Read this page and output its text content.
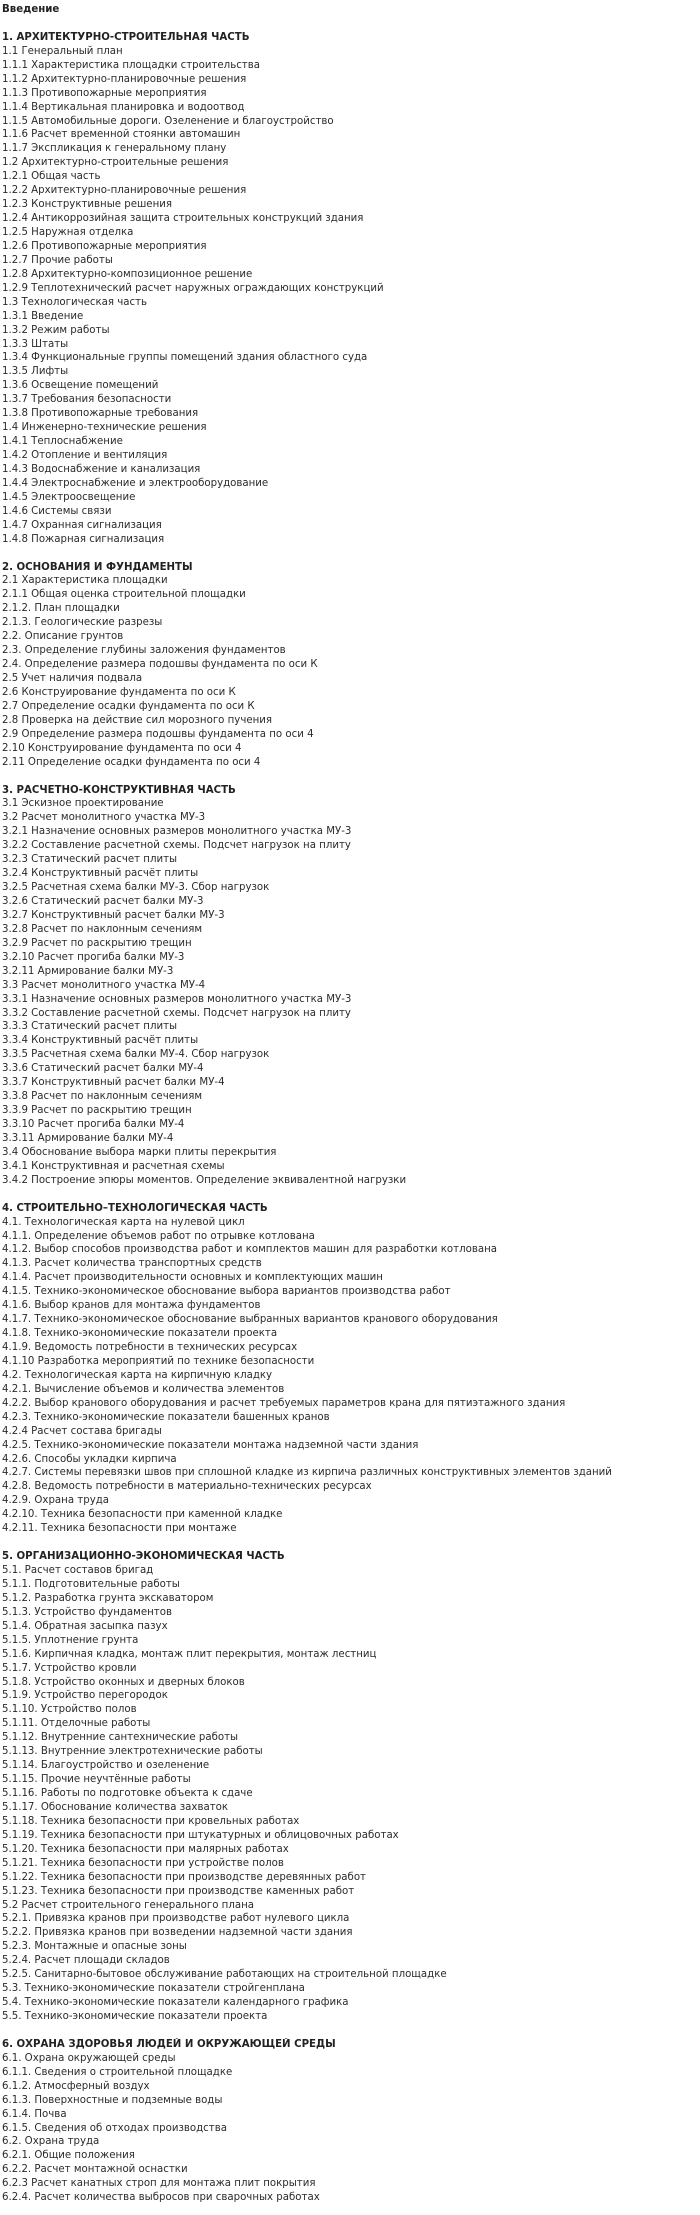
Введение
1. АРХИТЕКТУРНО-СТРОИТЕЛЬНАЯ ЧАСТЬ
1.1 Генеральный план
1.1.1 Характеристика площадки строительства
1.1.2 Архитектурно-планировочные решения
1.1.3 Противопожарные мероприятия
1.1.4 Вертикальная планировка и водоотвод
1.1.5 Автомобильные дороги. Озеленение и благоустройство
1.1.6 Расчет временной стоянки автомашин
1.1.7 Экспликация к генеральному плану
1.2 Архитектурно-строительные решения
1.2.1 Общая часть
1.2.2 Архитектурно-планировочные решения
1.2.3 Конструктивные решения
1.2.4 Антикоррозийная защита строительных конструкций здания
1.2.5 Наружная отделка
1.2.6 Противопожарные мероприятия
1.2.7 Прочие работы
1.2.8 Архитектурно-композиционное решение
1.2.9 Теплотехнический расчет наружных ограждающих конструкций
1.3 Технологическая часть
1.3.1 Введение
1.3.2 Режим работы
1.3.3 Штаты
1.3.4 Функциональные группы помещений здания областного суда
1.3.5 Лифты
1.3.6 Освещение помещений
1.3.7 Требования безопасности
1.3.8 Противопожарные требования
1.4 Инженерно-технические решения
1.4.1 Теплоснабжение
1.4.2 Отопление и вентиляция
1.4.3 Водоснабжение и канализация
1.4.4 Электроснабжение и электрооборудование
1.4.5 Электроосвещение
1.4.6 Системы связи
1.4.7 Охранная сигнализация
1.4.8 Пожарная сигнализация
2. ОСНОВАНИЯ И ФУНДАМЕНТЫ
2.1 Характеристика площадки
2.1.1 Общая оценка строительной площадки
2.1.2. План площадки
2.1.3. Геологические разрезы
2.2. Описание грунтов
2.3. Определение глубины заложения фундаментов
2.4. Определение размера подошвы фундамента по оси К
2.5 Учет наличия подвала
2.6 Конструирование фундамента по оси К
2.7 Определение осадки фундамента по оси К
2.8 Проверка на действие сил морозного пучения
2.9 Определение размера подошвы фундамента по оси 4
2.10 Конструирование фундамента по оси 4
2.11 Определение осадки фундамента по оси 4
3. РАСЧЕТНО-КОНСТРУКТИВНАЯ ЧАСТЬ
3.1 Эскизное проектирование
3.2 Расчет монолитного участка МУ-3
3.2.1 Назначение основных размеров монолитного участка МУ-3
3.2.2 Составление расчетной схемы. Подсчет нагрузок на плиту
3.2.3 Статический расчет плиты
3.2.4 Конструктивный расчёт плиты
3.2.5 Расчетная схема балки МУ-3. Сбор нагрузок
3.2.6 Статический расчет балки МУ-3
3.2.7 Конструктивный расчет балки МУ-3
3.2.8 Расчет по наклонным сечениям
3.2.9 Расчет по раскрытию трещин
3.2.10 Расчет прогиба балки МУ-3
3.2.11 Армирование балки МУ-3
3.3 Расчет монолитного участка МУ-4
3.3.1 Назначение основных размеров монолитного участка МУ-3
3.3.2 Составление расчетной схемы. Подсчет нагрузок на плиту
3.3.3 Статический расчет плиты
3.3.4 Конструктивный расчёт плиты
3.3.5 Расчетная схема балки МУ-4. Сбор нагрузок
3.3.6 Статический расчет балки МУ-4
3.3.7 Конструктивный расчет балки МУ-4
3.3.8 Расчет по наклонным сечениям
3.3.9 Расчет по раскрытию трещин
3.3.10 Расчет прогиба балки МУ-4
3.3.11 Армирование балки МУ-4
3.4 Обоснование выбора марки плиты перекрытия
3.4.1 Конструктивная и расчетная схемы
3.4.2 Построение эпюры моментов. Определение эквивалентной нагрузки
4. СТРОИТЕЛЬНО–ТЕХНОЛОГИЧЕСКАЯ ЧАСТЬ
4.1. Технологическая карта на нулевой цикл
4.1.1. Определение объемов работ по отрывке котлована
4.1.2. Выбор способов производства работ и комплектов машин для разработки котлована
4.1.3. Расчет количества транспортных средств
4.1.4. Расчет производительности основных и комплектующих машин
4.1.5. Технико-экономическое обоснование выбора вариантов производства работ
4.1.6. Выбор кранов для монтажа фундаментов
4.1.7. Технико-экономическое обоснование выбранных вариантов кранового оборудования
4.1.8. Технико-экономические показатели проекта
4.1.9. Ведомость потребности в технических ресурсах
4.1.10 Разработка мероприятий по технике безопасности
4.2. Технологическая карта на кирпичную кладку
4.2.1. Вычисление объемов и количества элементов
4.2.2. Выбор кранового оборудования и расчет требуемых параметров крана для пятиэтажного здания
4.2.3. Технико-экономические показатели башенных кранов
4.2.4 Расчет состава бригады
4.2.5. Технико-экономические показатели монтажа надземной части здания
4.2.6. Способы укладки кирпича
4.2.7. Системы перевязки швов при сплошной кладке из кирпича различных конструктивных элементов зданий
4.2.8. Ведомость потребности в материально-технических ресурсах
4.2.9. Охрана труда
4.2.10. Техника безопасности при каменной кладке
4.2.11. Техника безопасности при монтаже
5. ОРГАНИЗАЦИОННО-ЭКОНОМИЧЕСКАЯ ЧАСТЬ
5.1. Расчет составов бригад
5.1.1. Подготовительные работы
5.1.2. Разработка грунта экскаватором
5.1.3. Устройство фундаментов
5.1.4. Обратная засыпка пазух
5.1.5. Уплотнение грунта
5.1.6. Кирпичная кладка, монтаж плит перекрытия, монтаж лестниц
5.1.7. Устройство кровли
5.1.8. Устройство оконных и дверных блоков
5.1.9. Устройство перегородок
5.1.10. Устройство полов
5.1.11. Отделочные работы
5.1.12. Внутренние сантехнические работы
5.1.13. Внутренние электротехнические работы
5.1.14. Благоустройство и озеленение
5.1.15. Прочие неучтённые работы
5.1.16. Работы по подготовке объекта к сдаче
5.1.17. Обоснование количества захваток
5.1.18. Техника безопасности при кровельных работах
5.1.19. Техника безопасности при штукатурных и облицовочных работах
5.1.20. Техника безопасности при малярных работах
5.1.21. Техника безопасности при устройстве полов
5.1.22. Техника безопасности при производстве деревянных работ
5.1.23. Техника безопасности при производстве каменных работ
5.2 Расчет строительного генерального плана
5.2.1. Привязка кранов при производстве работ нулевого цикла
5.2.2. Привязка кранов при возведении надземной части здания
5.2.3. Монтажные и опасные зоны
5.2.4. Расчет площади складов
5.2.5. Санитарно-бытовое обслуживание работающих на строительной площадке
5.3. Технико-экономические показатели стройгенплана
5.4. Технико-экономические показатели календарного графика
5.5. Технико-экономические показатели проекта
6. ОХРАНА ЗДОРОВЬЯ ЛЮДЕЙ И ОКРУЖАЮЩЕЙ СРЕДЫ
6.1. Охрана окружающей среды
6.1.1. Сведения о строительной площадке
6.1.2. Атмосферный воздух
6.1.3. Поверхностные и подземные воды
6.1.4. Почва
6.1.5. Сведения об отходах производства
6.2. Охрана труда
6.2.1. Общие положения
6.2.2. Расчет монтажной оснастки
6.2.3 Расчет канатных строп для монтажа плит покрытия
6.2.4. Расчет количества выбросов при сварочных работах
